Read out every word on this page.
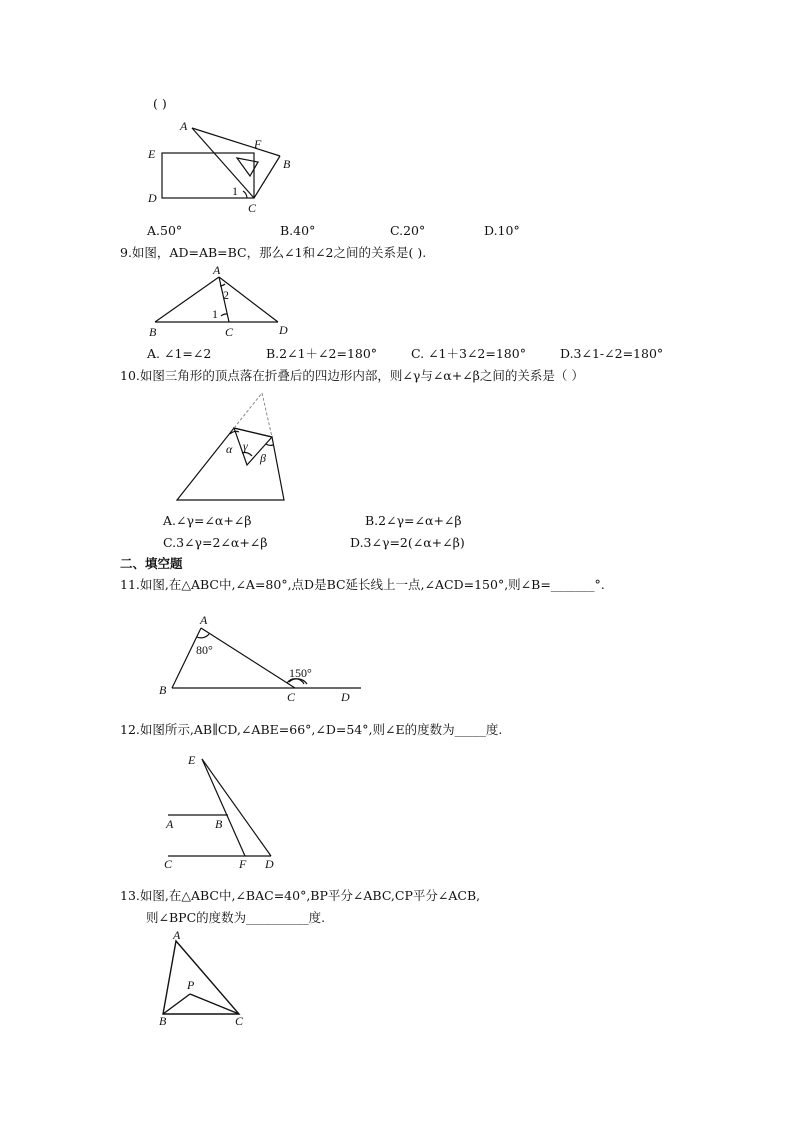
( )
A
F
E
B
D	1
C
A.50°	B.40°	C.20°	D.10°
9.如图，AD=AB=BC，那么∠1和∠2之间的关系是( ).
A
2
1
B	C	D
A. ∠1=∠2	B.2∠1＋∠2=180°	C. ∠1＋3∠2=180°	D.3∠1-∠2=180°
10.如图三角形的顶点落在折叠后的四边形内部，则∠γ与∠α+∠β之间的关系是（ ）
α γ
β
A.∠γ=∠α+∠β	B.2∠γ=∠α+∠β
C.3∠γ=2∠α+∠β	D.3∠γ=2(∠α+∠β)
二、填空题
11.如图,在△ABC中,∠A=80°,点D是BC延长线上一点,∠ACD=150°,则∠B=_______°.
A
80°
150°
B	C	D
12.如图所示,AB∥CD,∠ABE=66°,∠D=54°,则∠E的度数为_____度.
E
A	B
C	F D
13.如图,在△ABC中,∠BAC=40°,BP平分∠ABC,CP平分∠ACB,
则∠BPC的度数为__________度.
A
P
B	C
